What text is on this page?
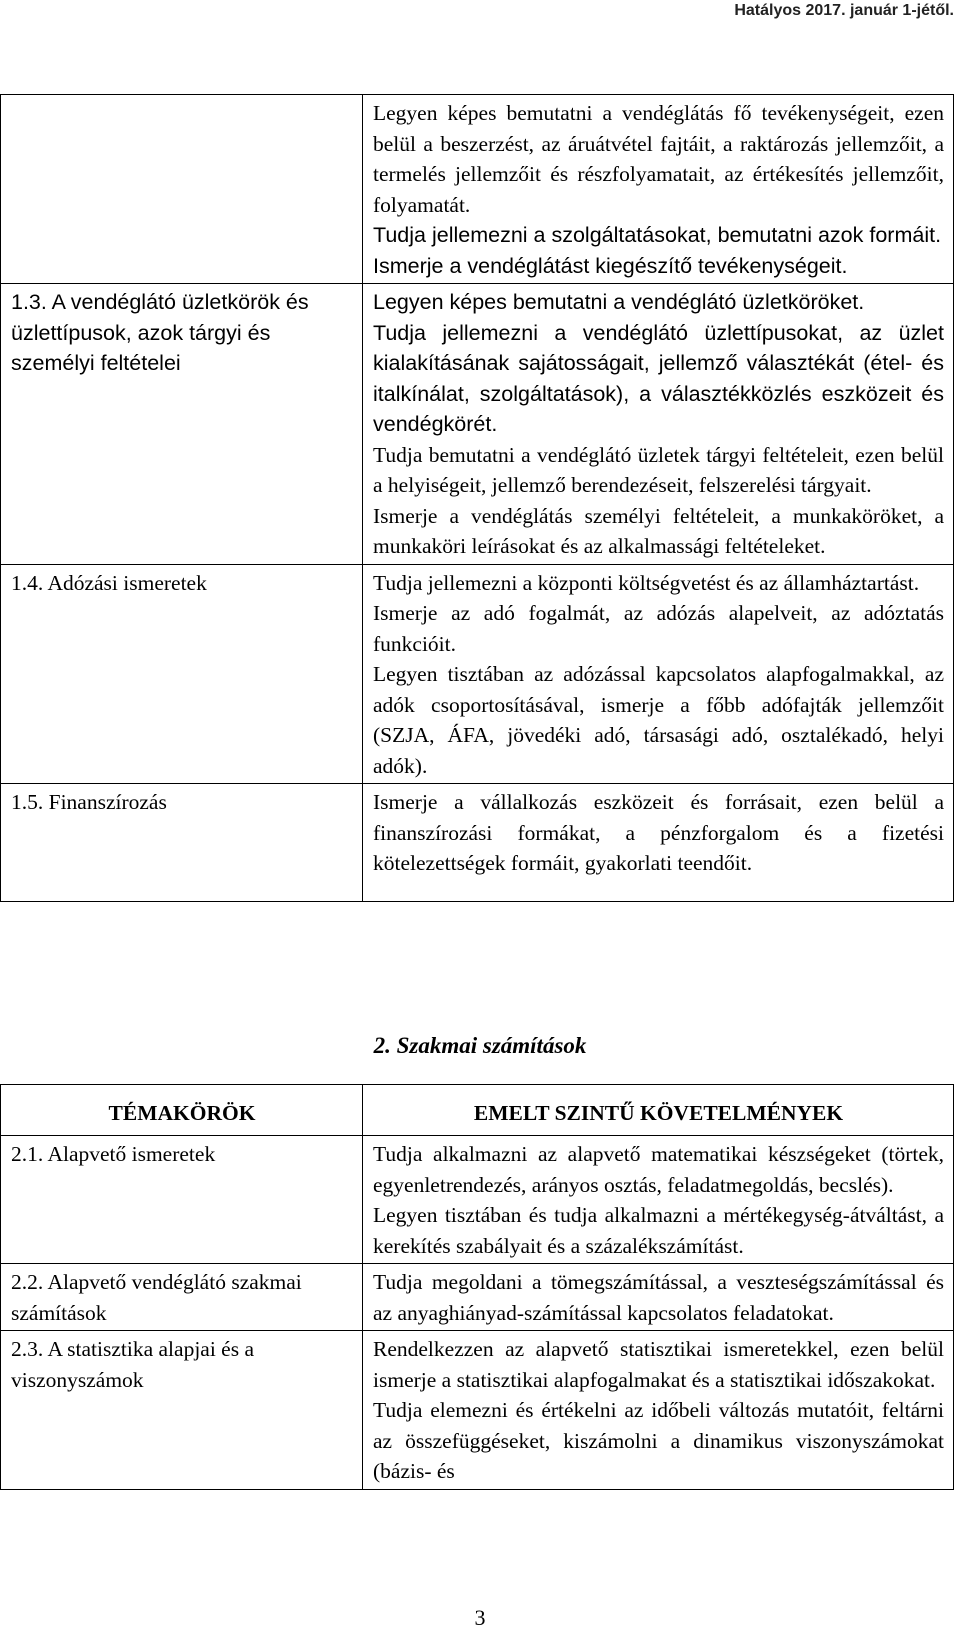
Hatályos 2017. január 1-jétől.

	Legyen képes bemutatni a vendéglátás fő tevékenységeit, ezen belül a beszerzést, az áruátvétel fajtáit, a raktározás jellemzőit, a termelés jellemzőit és részfolyamatait, az értékesítés jellemzőit, folyamatát.
Tudja jellemezni a szolgáltatásokat, bemutatni azok formáit.
Ismerje a vendéglátást kiegészítő tevékenységeit.

1.3. A vendéglátó üzletkörök és üzlettípusok, azok tárgyi és személyi feltételei	Legyen képes bemutatni a vendéglátó üzletköröket.
Tudja jellemezni a vendéglátó üzlettípusokat, az üzlet kialakításának sajátosságait, jellemző választékát (étel- és italkínálat, szolgáltatások), a választékközlés eszközeit és vendégkörét.
Tudja bemutatni a vendéglátó üzletek tárgyi feltételeit, ezen belül a helyiségeit, jellemző berendezéseit, felszerelési tárgyait.
Ismerje a vendéglátás személyi feltételeit, a munkaköröket, a munkaköri leírásokat és az alkalmassági feltételeket.

1.4. Adózási ismeretek	Tudja jellemezni a központi költségvetést és az államháztartást.
Ismerje az adó fogalmát, az adózás alapelveit, az adóztatás funkcióit.
Legyen tisztában az adózással kapcsolatos alapfogalmakkal, az adók csoportosításával, ismerje a főbb adófajták jellemzőit (SZJA, ÁFA, jövedéki adó, társasági adó, osztalékadó, helyi adók).

1.5. Finanszírozás	Ismerje a vállalkozás eszközeit és forrásait, ezen belül a finanszírozási formákat, a pénzforgalom és a fizetési kötelezettségek formáit, gyakorlati teendőit.
2. Szakmai számítások
TÉMAKÖRÖK	EMELT SZINTŰ KÖVETELMÉNYEK
2.1. Alapvető ismeretek	Tudja alkalmazni az alapvető matematikai készségeket (törtek, egyenletrendezés, arányos osztás, feladatmegoldás, becslés).
Legyen tisztában és tudja alkalmazni a mértékegység-átváltást, a kerekítés szabályait és a százalékszámítást.

2.2. Alapvető vendéglátó szakmai számítások	Tudja megoldani a tömegszámítással, a veszteségszámítással és az anyaghiányad-számítással kapcsolatos feladatokat.

2.3. A statisztika alapjai és a viszonyszámok	Rendelkezzen az alapvető statisztikai ismeretekkel, ezen belül ismerje a statisztikai alapfogalmakat és a statisztikai időszakokat.
Tudja elemezni és értékelni az időbeli változás mutatóit, feltárni az összefüggéseket, kiszámolni a dinamikus viszonyszámokat (bázis- és
3
